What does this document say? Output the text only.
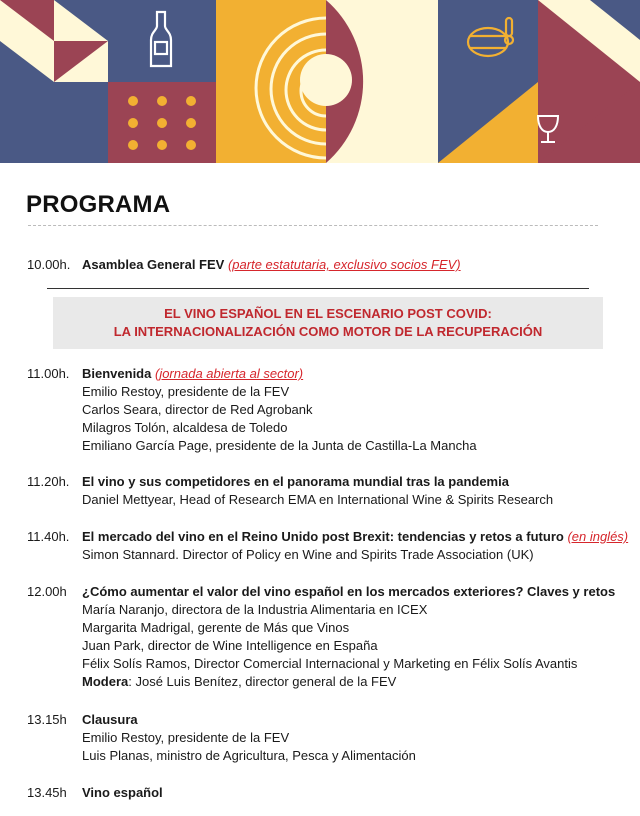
PROGRAMA
10.00h. Asamblea General FEV (parte estatutaria, exclusivo socios FEV)
EL VINO ESPAÑOL EN EL ESCENARIO POST COVID:
LA INTERNACIONALIZACIÓN COMO MOTOR DE LA RECUPERACIÓN
11.00h. Bienvenida (jornada abierta al sector)
Emilio Restoy, presidente de la FEV
Carlos Seara, director de Red Agrobank
Milagros Tolón, alcaldesa de Toledo
Emiliano García Page, presidente de la Junta de Castilla-La Mancha
11.20h. El vino y sus competidores en el panorama mundial tras la pandemia
Daniel Mettyear, Head of Research EMA en International Wine & Spirits Research
11.40h. El mercado del vino en el Reino Unido post Brexit: tendencias y retos a futuro (en inglés)
Simon Stannard. Director of Policy en Wine and Spirits Trade Association (UK)
12.00h ¿Cómo aumentar el valor del vino español en los mercados exteriores? Claves y retos
María Naranjo, directora de la Industria Alimentaria en ICEX
Margarita Madrigal, gerente de Más que Vinos
Juan Park, director de Wine Intelligence en España
Félix Solís Ramos, Director Comercial Internacional y Marketing en Félix Solís Avantis
Modera: José Luis Benítez, director general de la FEV
13.15h Clausura
Emilio Restoy, presidente de la FEV
Luis Planas, ministro de Agricultura, Pesca y Alimentación
13.45h Vino español
